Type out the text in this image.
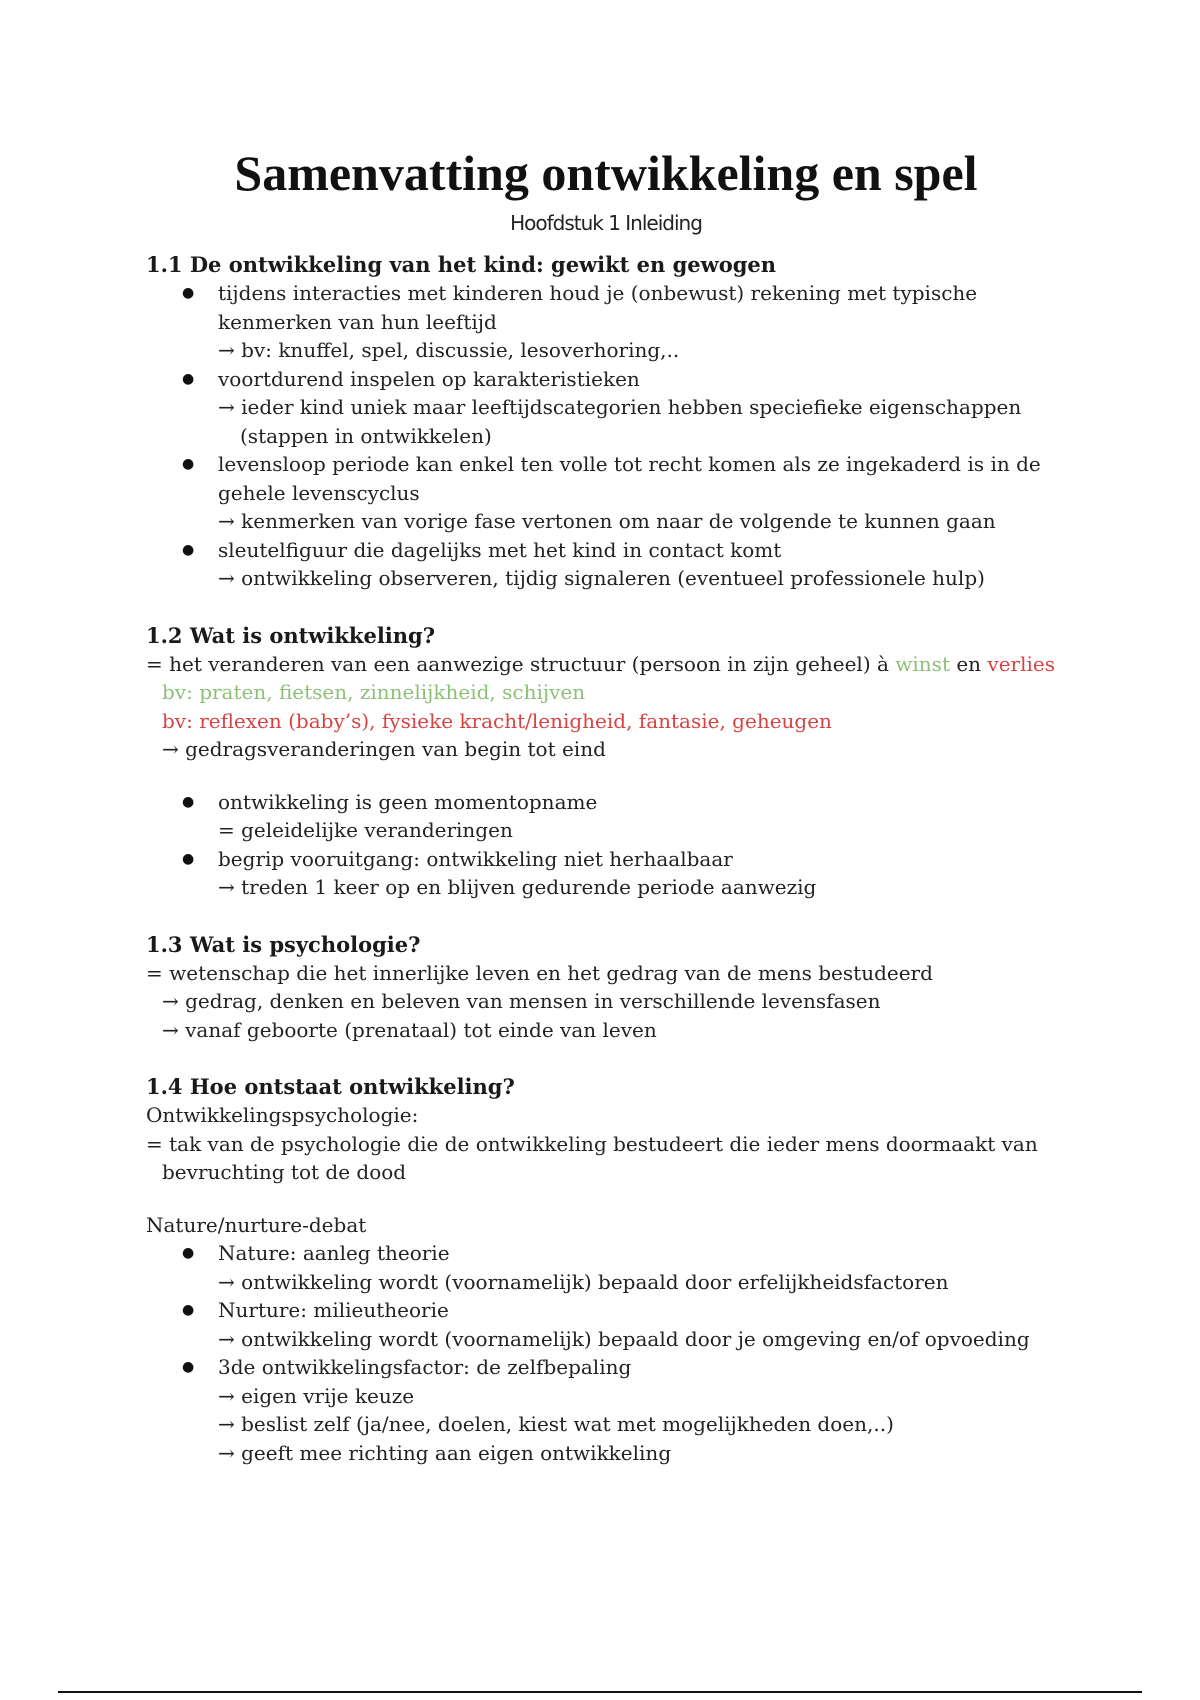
Samenvatting ontwikkeling en spel

Hoofdstuk 1 Inleiding

1.1 De ontwikkeling van het kind: gewikt en gewogen
● tijdens interacties met kinderen houd je (onbewust) rekening met typische kenmerken van hun leeftijd
→ bv: knuffel, spel, discussie, lesoverhoring,..
● voortdurend inspelen op karakteristieken
→ ieder kind uniek maar leeftijdscategorien hebben speciefieke eigenschappen
(stappen in ontwikkelen)
● levensloop periode kan enkel ten volle tot recht komen als ze ingekaderd is in de gehele levenscyclus
→ kenmerken van vorige fase vertonen om naar de volgende te kunnen gaan
● sleutelfiguur die dagelijks met het kind in contact komt
→ ontwikkeling observeren, tijdig signaleren (eventueel professionele hulp)
1.2 Wat is ontwikkeling?

= het veranderen van een aanwezige structuur (persoon in zijn geheel) à winst en verlies

bv: praten, fietsen, zinnelijkheid, schijven

bv: reflexen (baby’s), fysieke kracht/lenigheid, fantasie, geheugen

→ gedragsveranderingen van begin tot eind

● ontwikkeling is geen momentopname
= geleidelijke veranderingen
● begrip vooruitgang: ontwikkeling niet herhaalbaar
→ treden 1 keer op en blijven gedurende periode aanwezig
1.3 Wat is psychologie?

= wetenschap die het innerlijke leven en het gedrag van de mens bestudeerd

→ gedrag, denken en beleven van mensen in verschillende levensfasen

→ vanaf geboorte (prenataal) tot einde van leven

1.4 Hoe ontstaat ontwikkeling?

Ontwikkelingspsychologie:

= tak van de psychologie die de ontwikkeling bestudeert die ieder mens doormaakt van

bevruchting tot de dood

Nature/nurture-debat

● Nature: aanleg theorie
→ ontwikkeling wordt (voornamelijk) bepaald door erfelijkheidsfactoren
● Nurture: milieutheorie
→ ontwikkeling wordt (voornamelijk) bepaald door je omgeving en/of opvoeding
● 3de ontwikkelingsfactor: de zelfbepaling
→ eigen vrije keuze
→ beslist zelf (ja/nee, doelen, kiest wat met mogelijkheden doen,..)
→ geeft mee richting aan eigen ontwikkeling
